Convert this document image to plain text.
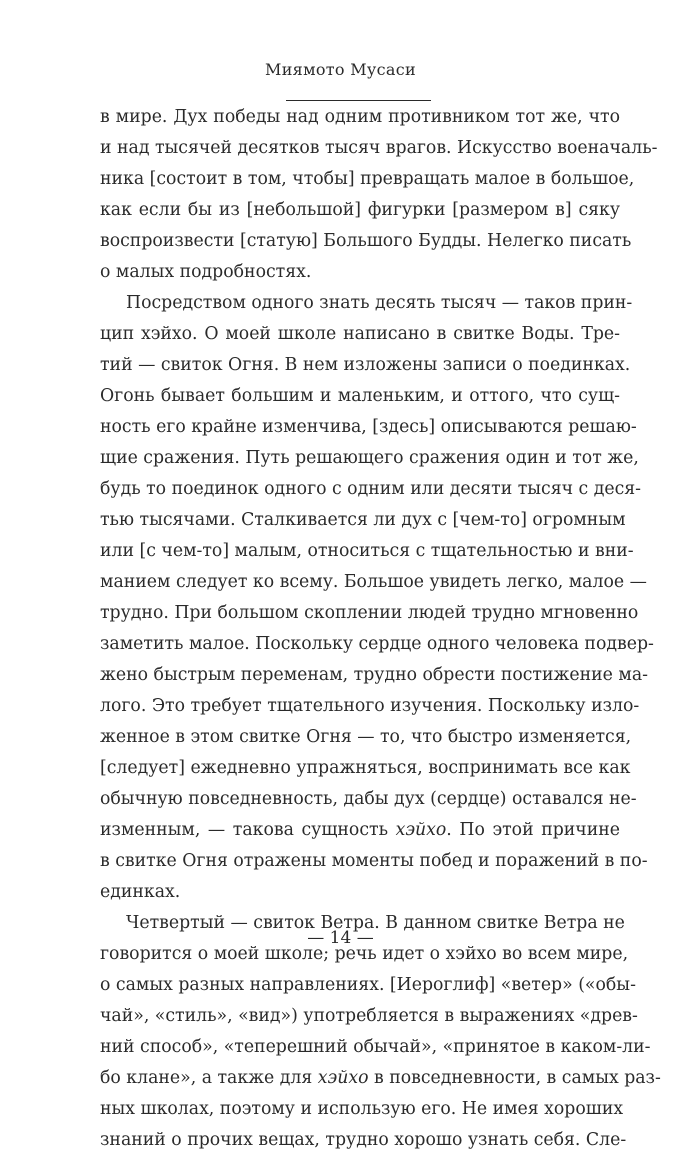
Миямото Мусаси
в мире. Дух победы над одним противником тот же, что
и над тысячей десятков тысяч врагов. Искусство военачаль-
ника [состоит в том, чтобы] превращать малое в большое,
как если бы из [небольшой] фигурки [размером в] сяку
воспроизвести [статую] Большого Будды. Нелегко писать
о малых подробностях.
Посредством одного знать десять тысяч — таков прин-
цип хэйхо. О моей школе написано в свитке Воды. Тре-
тий — свиток Огня. В нем изложены записи о поединках.
Огонь бывает большим и маленьким, и оттого, что сущ-
ность его крайне изменчива, [здесь] описываются решаю-
щие сражения. Путь решающего сражения один и тот же,
будь то поединок одного с одним или десяти тысяч с деся-
тью тысячами. Сталкивается ли дух с [чем-то] огромным
или [с чем-то] малым, относиться с тщательностью и вни-
манием следует ко всему. Большое увидеть легко, малое —
трудно. При большом скоплении людей трудно мгновенно
заметить малое. Поскольку сердце одного человека подвер-
жено быстрым переменам, трудно обрести постижение ма-
лого. Это требует тщательного изучения. Поскольку изло-
женное в этом свитке Огня — то, что быстро изменяется,
[следует] ежедневно упражняться, воспринимать все как
обычную повседневность, дабы дух (сердце) оставался не-
изменным, — такова сущность хэйхо. По этой причине
в свитке Огня отражены моменты побед и поражений в по-
единках.
Четвертый — свиток Ветра. В данном свитке Ветра не
говорится о моей школе; речь идет о хэйхо во всем мире,
о самых разных направлениях. [Иероглиф] «ветер» («обы-
чай», «стиль», «вид») употребляется в выражениях «древ-
ний способ», «теперешний обычай», «принятое в каком-ли-
бо клане», а также для хэйхо в повседневности, в самых раз-
ных школах, поэтому и использую его. Не имея хороших
знаний о прочих вещах, трудно хорошо узнать себя. Сле-
— 14 —
